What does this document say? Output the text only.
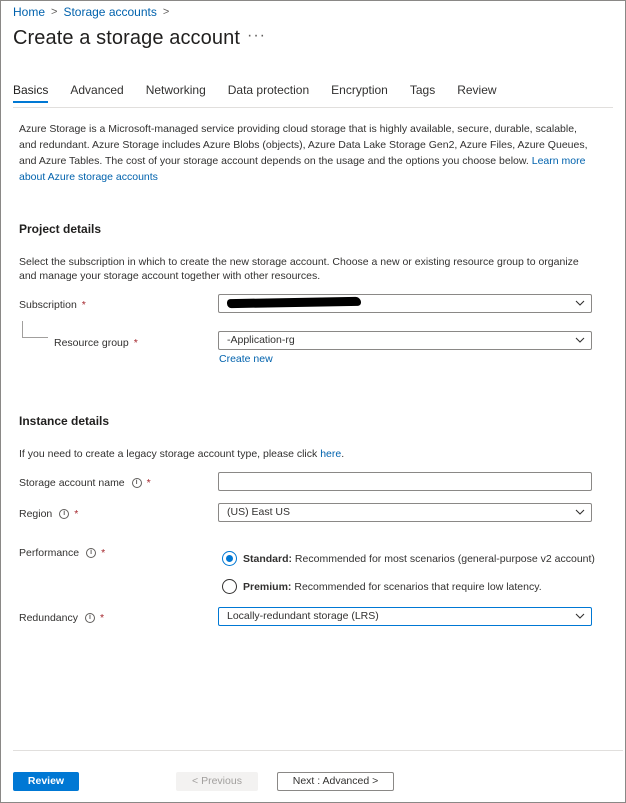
Home > Storage accounts >
Create a storage account ···
Basics Advanced Networking Data protection Encryption Tags Review
Azure Storage is a Microsoft-managed service providing cloud storage that is highly available, secure, durable, scalable, and redundant. Azure Storage includes Azure Blobs (objects), Azure Data Lake Storage Gen2, Azure Files, Azure Queues, and Azure Tables. The cost of your storage account depends on the usage and the options you choose below. Learn more about Azure storage accounts
Project details
Select the subscription in which to create the new storage account. Choose a new or existing resource group to organize and manage your storage account together with other resources.
Subscription *
Resource group *	-Application-rg
Create new
Instance details
If you need to create a legacy storage account type, please click here.
Storage account name	i *
Region	i *	(US) East US
Performance	i *	Standard: Recommended for most scenarios (general-purpose v2 account)
Premium: Recommended for scenarios that require low latency.
Redundancy	i *	Locally-redundant storage (LRS)
Review	< Previous	Next : Advanced >
